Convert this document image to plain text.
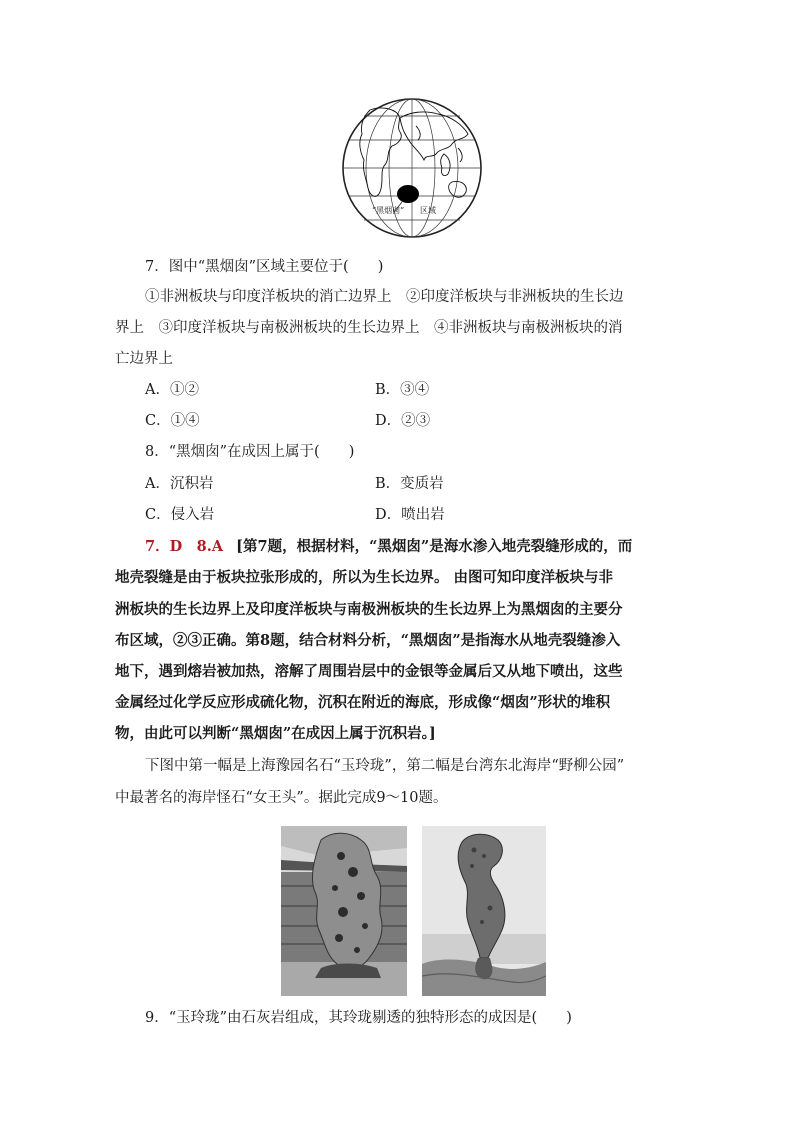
“黑烟囱” 区域
7．图中“黑烟囱”区域主要位于(　　)
①非洲板块与印度洋板块的消亡边界上　②印度洋板块与非洲板块的生长边
界上　③印度洋板块与南极洲板块的生长边界上　④非洲板块与南极洲板块的消
亡边界上
A．①②	B．③④
C．①④	D．②③
8．“黑烟囱”在成因上属于(　　)
A．沉积岩	B．变质岩
C．侵入岩	D．喷出岩
7．D　8.A [第7题，根据材料，“黑烟囱”是海水渗入地壳裂缝形成的，而
地壳裂缝是由于板块拉张形成的，所以为生长边界。 由图可知印度洋板块与非
洲板块的生长边界上及印度洋板块与南极洲板块的生长边界上为黑烟囱的主要分
布区域，②③正确。第8题，结合材料分析，“黑烟囱”是指海水从地壳裂缝渗入
地下，遇到熔岩被加热，溶解了周围岩层中的金银等金属后又从地下喷出，这些
金属经过化学反应形成硫化物，沉积在附近的海底，形成像“烟囱”形状的堆积
物，由此可以判断“黑烟囱”在成因上属于沉积岩。]
下图中第一幅是上海豫园名石“玉玲珑”，第二幅是台湾东北海岸“野柳公园”
中最著名的海岸怪石“女王头”。据此完成9～10题。
9．“玉玲珑”由石灰岩组成，其玲珑剔透的独特形态的成因是(　　)
